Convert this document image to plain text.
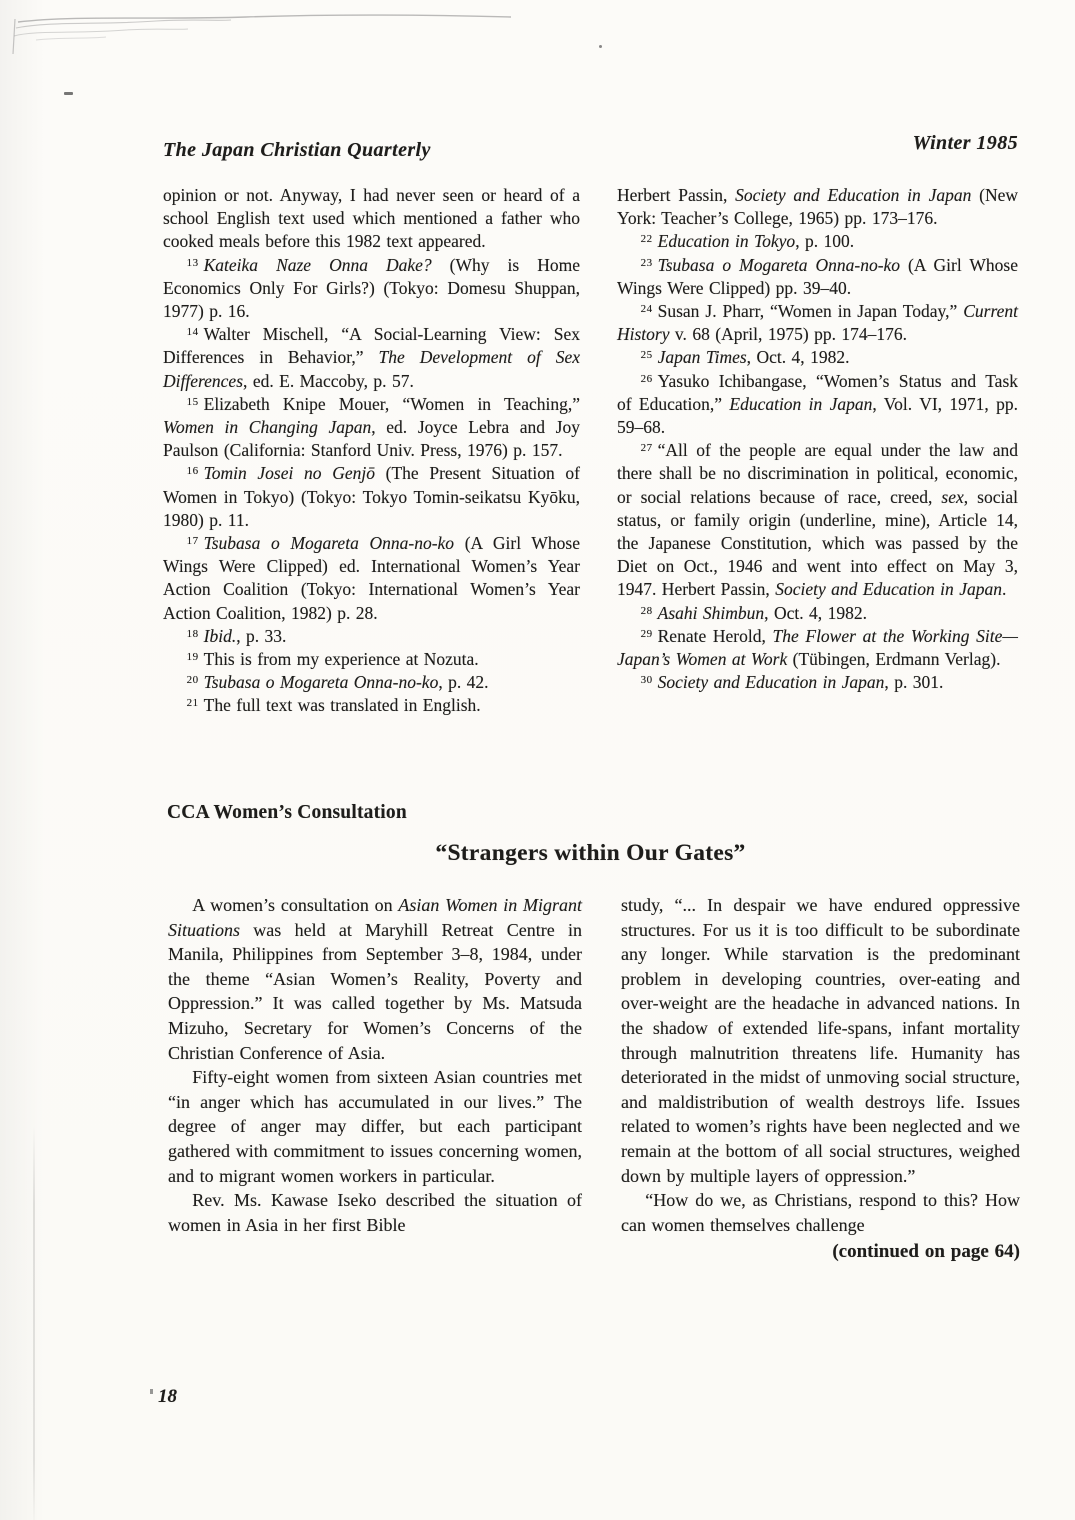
The Japan Christian Quarterly	Winter 1985

opinion or not. Anyway, I had never seen or heard of a school English text used which mentioned a father who cooked meals before this 1982 text appeared.

$^{13}$ Kateika Naze Onna Dake? (Why is Home Economics Only For Girls?) (Tokyo: Domesu Shuppan, 1977) p. 16.

$^{14}$ Walter Mischell, “A Social-Learning View: Sex Differences in Behavior,” The Development of Sex Differences, ed. E. Maccoby, p. 57.

$^{15}$ Elizabeth Knipe Mouer, “Women in Teaching,” Women in Changing Japan, ed. Joyce Lebra and Joy Paulson (California: Stanford Univ. Press, 1976) p. 157.

$^{16}$ Tomin Josei no Genjō (The Present Situation of Women in Tokyo) (Tokyo: Tokyo Tomin-seikatsu Kyōku, 1980) p. 11.

$^{17}$ Tsubasa o Mogareta Onna-no-ko (A Girl Whose Wings Were Clipped) ed. International Women’s Year Action Coalition (Tokyo: International Women’s Year Action Coalition, 1982) p. 28.

$^{18}$ Ibid., p. 33.

$^{19}$ This is from my experience at Nozuta.

$^{20}$ Tsubasa o Mogareta Onna-no-ko, p. 42.

$^{21}$ The full text was translated in English.

Herbert Passin, Society and Education in Japan (New York: Teacher’s College, 1965) pp. 173–176.

$^{22}$ Education in Tokyo, p. 100.

$^{23}$ Tsubasa o Mogareta Onna-no-ko (A Girl Whose Wings Were Clipped) pp. 39–40.

$^{24}$ Susan J. Pharr, “Women in Japan Today,” Current History v. 68 (April, 1975) pp. 174–176.

$^{25}$ Japan Times, Oct. 4, 1982.

$^{26}$ Yasuko Ichibangase, “Women’s Status and Task of Education,” Education in Japan, Vol. VI, 1971, pp. 59–68.

$^{27}$ “All of the people are equal under the law and there shall be no discrimination in political, economic, or social relations because of race, creed, sex, social status, or family origin (underline, mine), Article 14, the Japanese Constitution, which was passed by the Diet on Oct., 1946 and went into effect on May 3, 1947. Herbert Passin, Society and Education in Japan.

$^{28}$ Asahi Shimbun, Oct. 4, 1982.

$^{29}$ Renate Herold, The Flower at the Working Site—Japan’s Women at Work (Tübingen, Erdmann Verlag).

$^{30}$ Society and Education in Japan, p. 301.

CCA Women’s Consultation
“Strangers within Our Gates”

A women’s consultation on Asian Women in Migrant Situations was held at Maryhill Retreat Centre in Manila, Philippines from September 3–8, 1984, under the theme “Asian Women’s Reality, Poverty and Oppression.” It was called together by Ms. Matsuda Mizuho, Secretary for Women’s Concerns of the Christian Conference of Asia.

Fifty-eight women from sixteen Asian countries met “in anger which has accumulated in our lives.” The degree of anger may differ, but each participant gathered with commitment to issues concerning women, and to migrant women workers in particular.

Rev. Ms. Kawase Iseko described the situation of women in Asia in her first Bible

study, “... In despair we have endured oppressive structures. For us it is too difficult to be subordinate any longer. While starvation is the predominant problem in developing countries, over-eating and over-weight are the headache in advanced nations. In the shadow of extended life-spans, infant mortality through malnutrition threatens life. Humanity has deteriorated in the midst of unmoving social structure, and maldistribution of wealth destroys life. Issues related to women’s rights have been neglected and we remain at the bottom of all social structures, weighed down by multiple layers of oppression.”

“How do we, as Christians, respond to this? How can women themselves challenge

(continued on page 64)

18
